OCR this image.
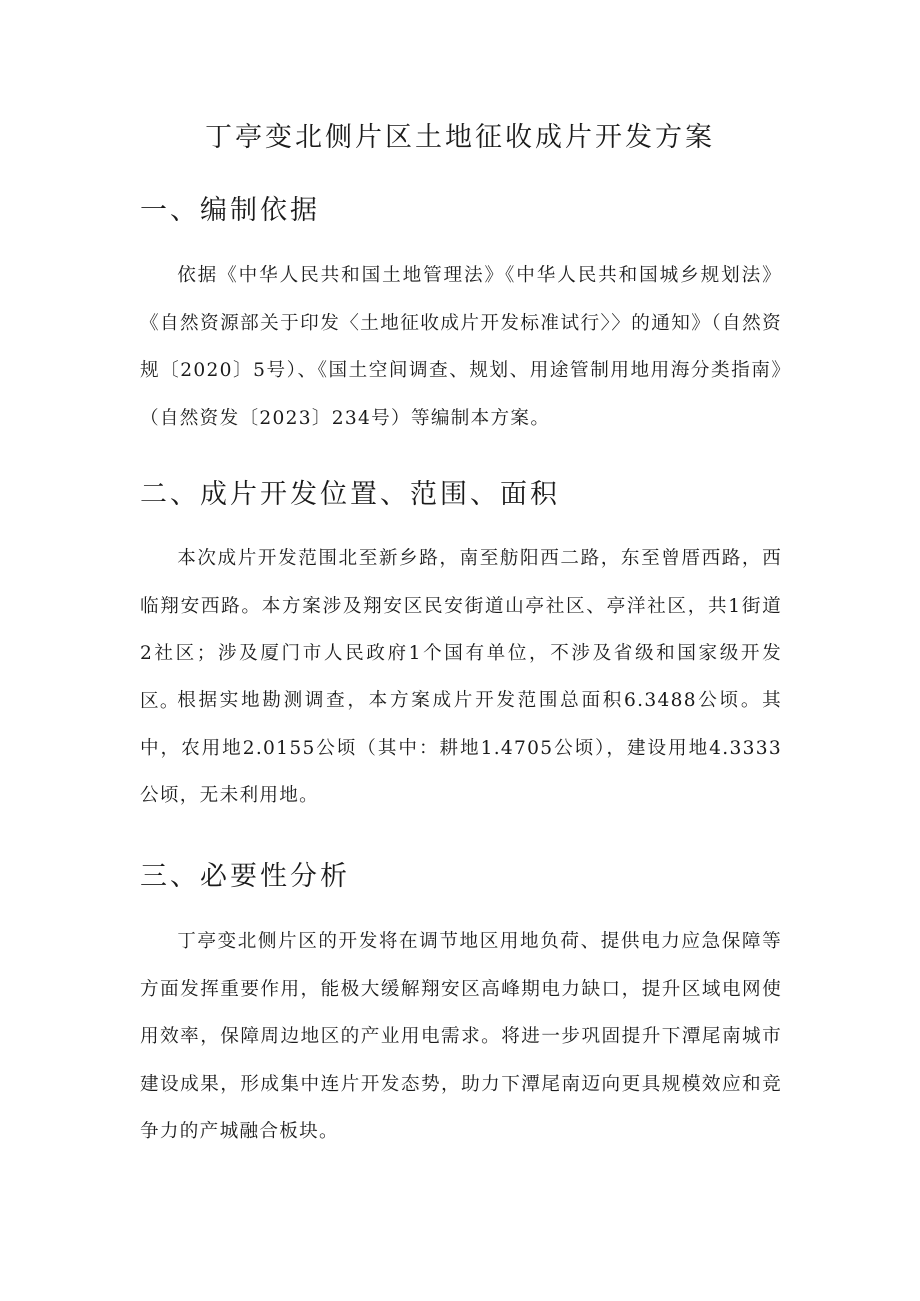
丁亭变北侧片区土地征收成片开发方案
一、编制依据

依据《中华人民共和国土地管理法》《中华人民共和国城乡规划法》《自然资源部关于印发〈土地征收成片开发标准试行〉〉的通知》（自然资规〔2020〕5号）、《国土空间调查、规划、用途管制用地用海分类指南》（自然资发〔2023〕234号）等编制本方案。

二、成片开发位置、范围、面积

本次成片开发范围北至新乡路，南至舫阳西二路，东至曾厝西路，西临翔安西路。本方案涉及翔安区民安街道山亭社区、亭洋社区，共1街道2社区；涉及厦门市人民政府1个国有单位，不涉及省级和国家级开发区。

根据实地勘测调查，本方案成片开发范围总面积6.3488公顷。其中，农用地2.0155公顷（其中：耕地1.4705公顷），建设用地4.3333公顷，无未利用地。

三、必要性分析

丁亭变北侧片区的开发将在调节地区用地负荷、提供电力应急保障等方面发挥重要作用，能极大缓解翔安区高峰期电力缺口，提升区域电网使用效率，保障周边地区的产业用电需求。将进一步巩固提升下潭尾南城市建设成果，形成集中连片开发态势，助力下潭尾南迈向更具规模效应和竞争力的产城融合板块。
